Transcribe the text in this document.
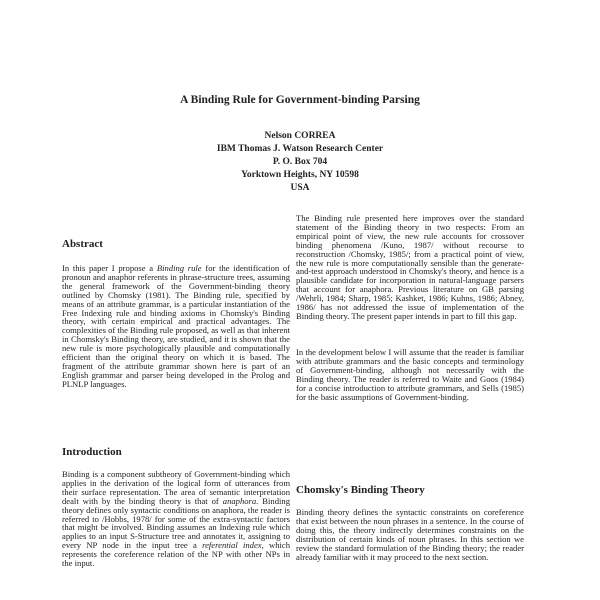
A Binding Rule for Government-binding Parsing
Nelson CORREA
IBM Thomas J. Watson Research Center
P. O. Box 704
Yorktown Heights, NY 10598
USA
Abstract
In this paper I propose a Binding rule for the identification of pronoun and anaphor referents in phrase-structure trees, assuming the general framework of the Government-binding theory outlined by Chomsky (1981). The Binding rule, specified by means of an attribute grammar, is a particular instantiation of the Free Indexing rule and binding axioms in Chomsky's Binding theory, with certain empirical and practical advantages. The complexities of the Binding rule proposed, as well as that inherent in Chomsky's Binding theory, are studied, and it is shown that the new rule is more psychologically plausible and computationally efficient than the original theory on which it is based. The fragment of the attribute grammar shown here is part of an English grammar and parser being developed in the Prolog and PLNLP languages.
Introduction
Binding is a component subtheory of Government-binding which applies in the derivation of the logical form of utterances from their surface representation. The area of semantic interpretation dealt with by the binding theory is that of anaphora. Binding theory defines only syntactic conditions on anaphora, the reader is referred to /Hobbs, 1978/ for some of the extra-syntactic factors that might be involved. Binding assumes an Indexing rule which applies to an input S-Structure tree and annotates it, assigning to every NP node in the input tree a referential index, which represents the coreference relation of the NP with other NPs in the input.
The Binding rule presented here improves over the standard statement of the Binding theory in two respects: From an empirical point of view, the new rule accounts for crossover binding phenomena /Kuno, 1987/ without recourse to reconstruction /Chomsky, 1985/; from a practical point of view, the new rule is more computationally sensible than the generate-and-test approach understood in Chomsky's theory, and hence is a plausible candidate for incorporation in natural-language parsers that account for anaphora. Previous literature on GB parsing /Wehrli, 1984; Sharp, 1985; Kashket, 1986; Kuhns, 1986; Abney, 1986/ has not addressed the issue of implementation of the Binding theory. The present paper intends in part to fill this gap.
In the development below I will assume that the reader is familiar with attribute grammars and the basic concepts and terminology of Government-binding, although not necessarily with the Binding theory. The reader is referred to Waite and Goos (1984) for a concise introduction to attribute grammars, and Sells (1985) for the basic assumptions of Government-binding.
Chomsky's Binding Theory
Binding theory defines the syntactic constraints on coreference that exist between the noun phrases in a sentence. In the course of doing this, the theory indirectly determines constraints on the distribution of certain kinds of noun phrases. In this section we review the standard formulation of the Binding theory; the reader already familiar with it may proceed to the next section.
